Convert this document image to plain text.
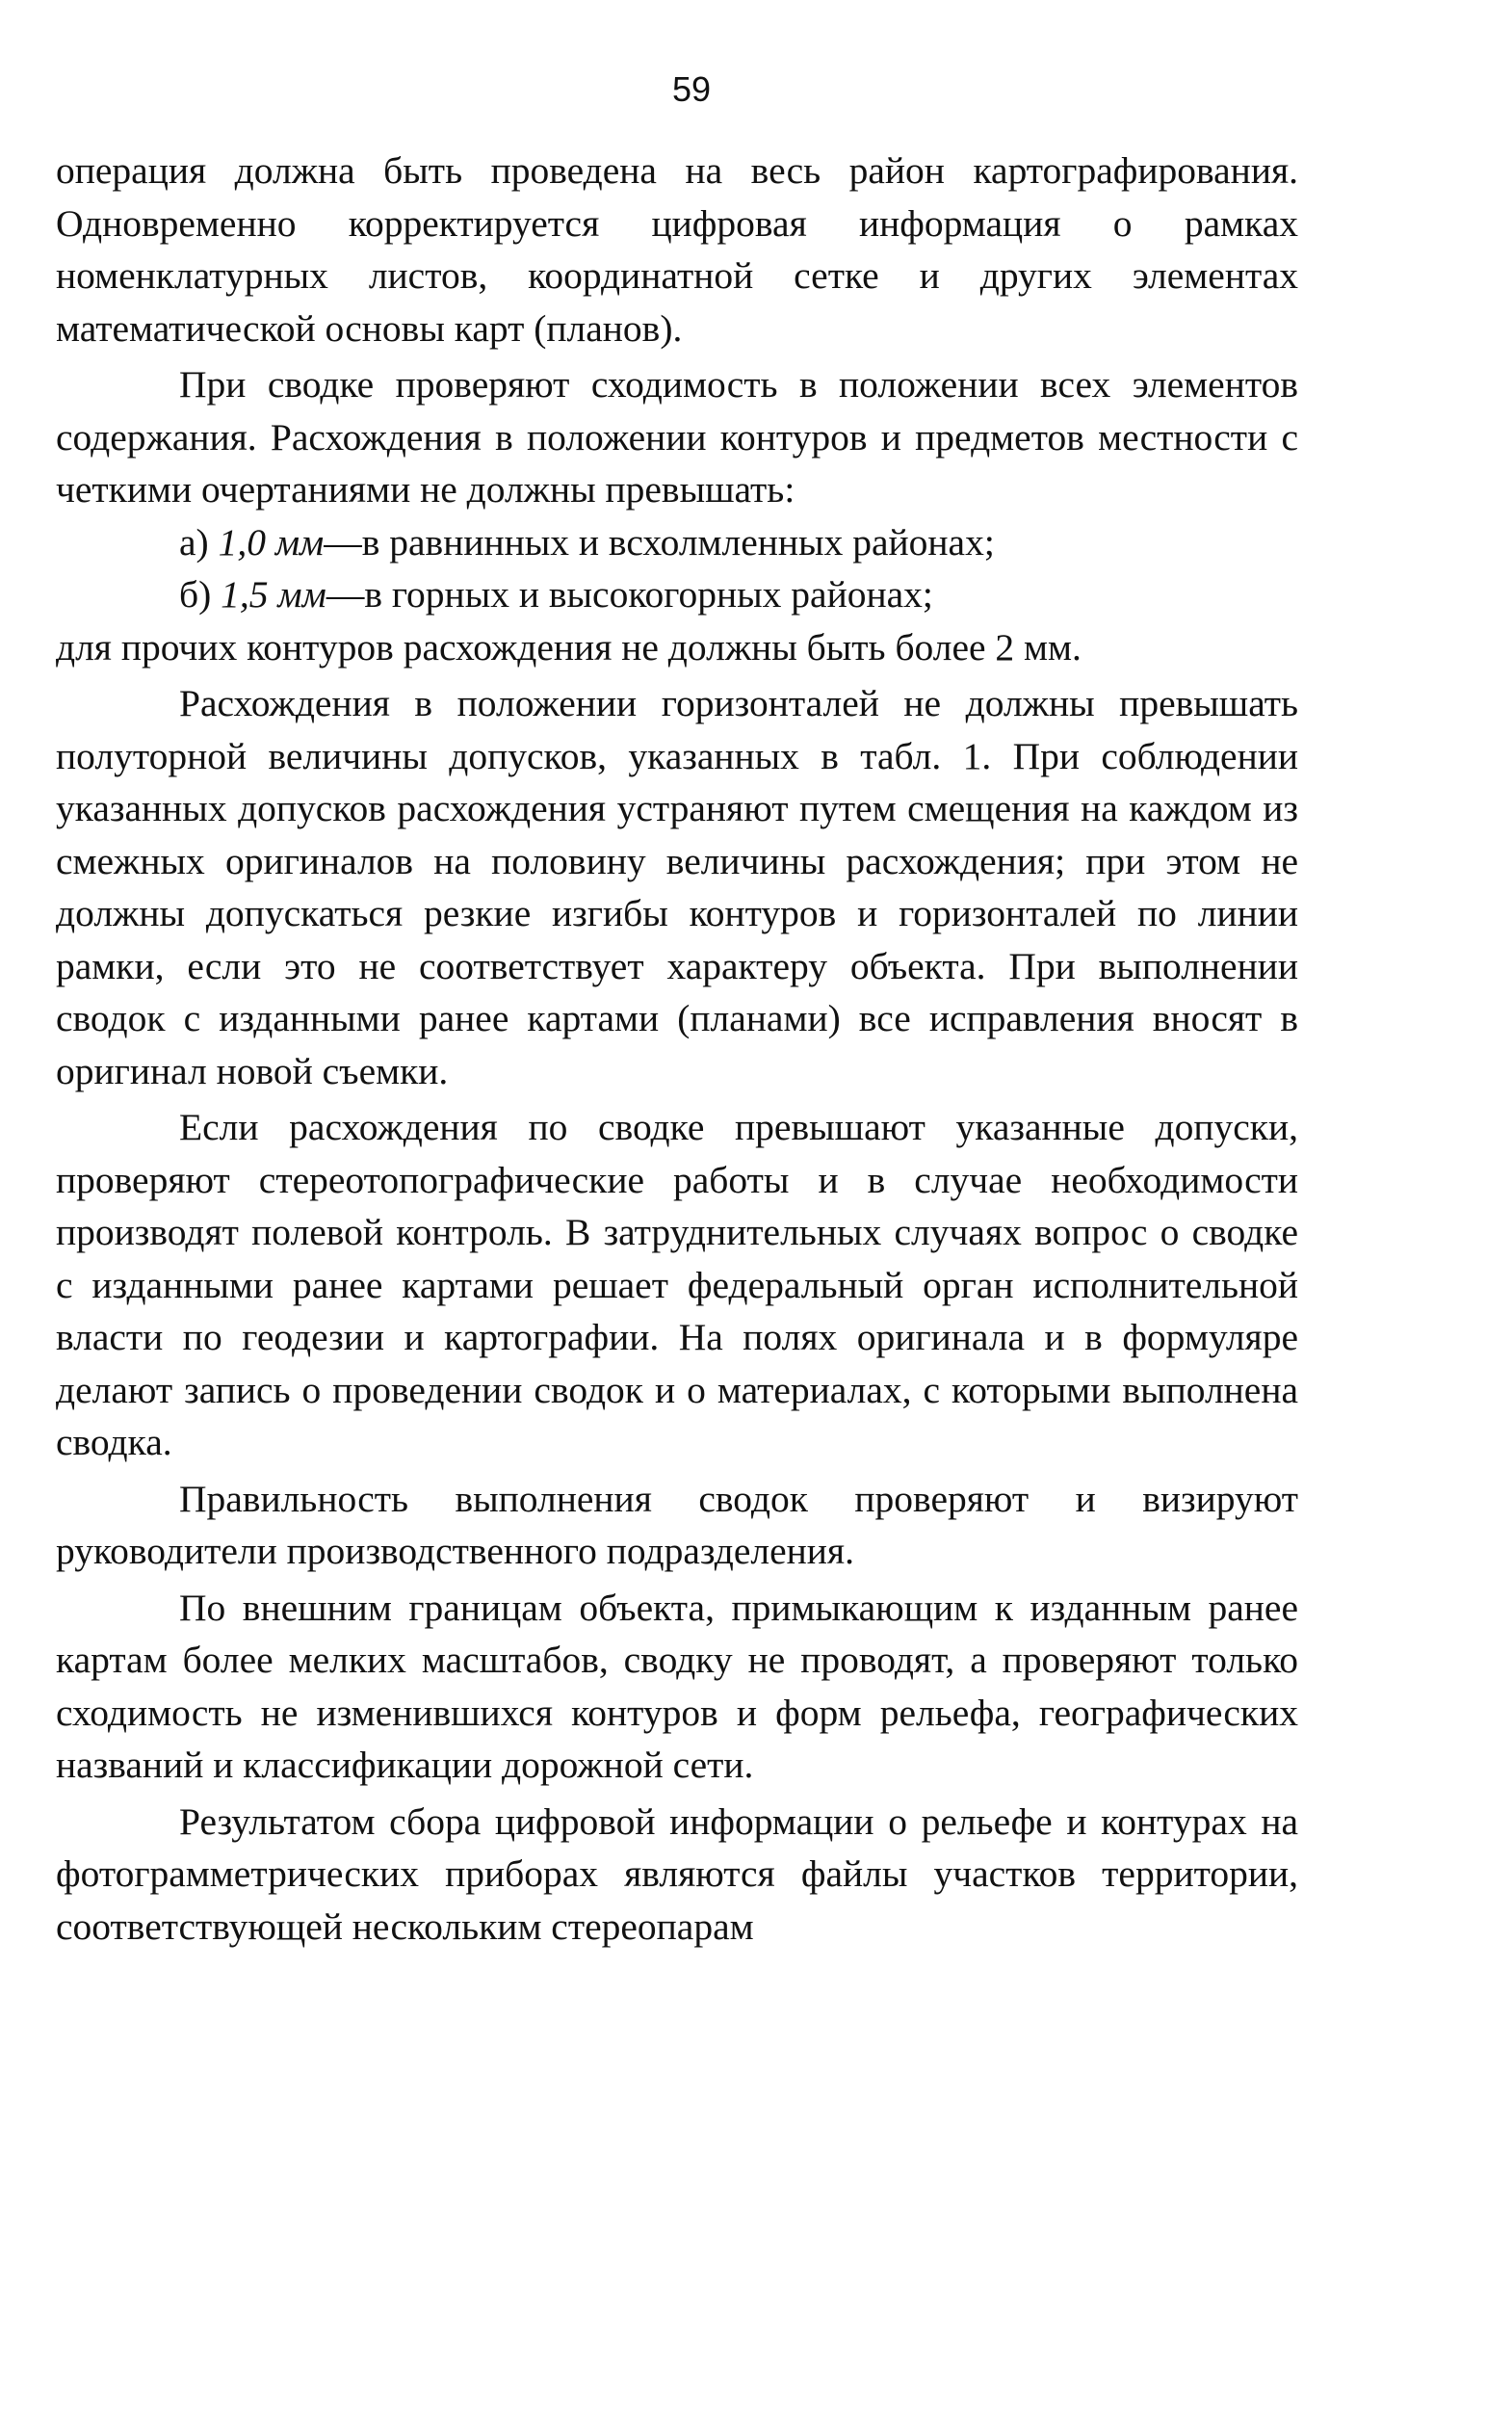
59

операция должна быть проведена на весь район картографирования. Одновременно корректируется цифровая информация о рамках номенклатурных листов, координатной сетке и других элементах математической основы карт (планов).

При сводке проверяют сходимость в положении всех элементов содержания. Расхождения в положении контуров и предметов местности с четкими очертаниями не должны превышать:

а) 1,0 мм—в равнинных и всхолмленных районах;

б) 1,5 мм—в горных и высокогорных районах;

для прочих контуров расхождения не должны быть более 2 мм.

Расхождения в положении горизонталей не должны превышать полуторной величины допусков, указанных в табл. 1. При соблюдении указанных допусков расхождения устраняют путем смещения на каждом из смежных оригиналов на половину величины расхождения; при этом не должны допускаться резкие изгибы контуров и горизонталей по линии рамки, если это не соответствует характеру объекта. При выполнении сводок с изданными ранее картами (планами) все исправления вносят в оригинал новой съемки.

Если расхождения по сводке превышают указанные допуски, проверяют стереотопографические работы и в случае необходимости производят полевой контроль. В затруднительных случаях вопрос о сводке с изданными ранее картами решает федеральный орган исполнительной власти по геодезии и картографии. На полях оригинала и в формуляре делают запись о проведении сводок и о материалах, с которыми выполнена сводка.

Правильность выполнения сводок проверяют и визируют руководители производственного подразделения.

По внешним границам объекта, примыкающим к изданным ранее картам более мелких масштабов, сводку не проводят, а проверяют только сходимость не изменившихся контуров и форм рельефа, географических названий и классификации дорожной сети.

Результатом сбора цифровой информации о рельефе и контурах на фотограмметрических приборах являются файлы участков территории, соответствующей нескольким стереопарам
